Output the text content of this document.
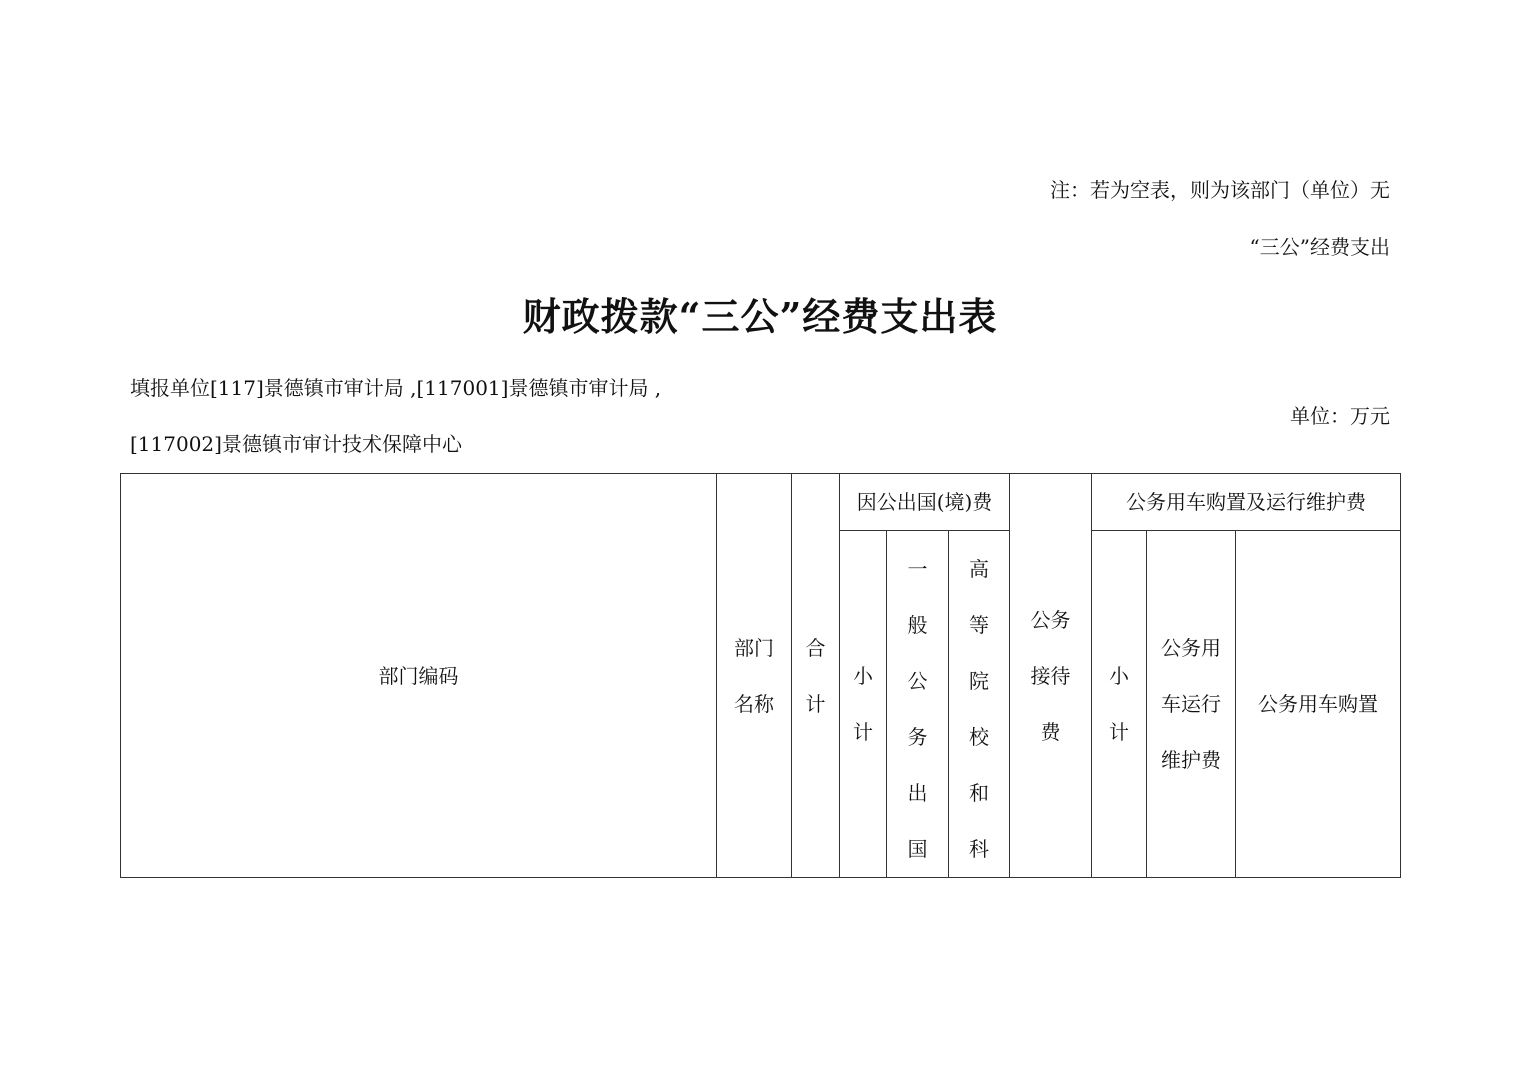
注：若为空表，则为该部门（单位）无
“三公”经费支出
财政拨款“三公”经费支出表
填报单位[117]景德镇市审计局 ,[117001]景德镇市审计局 ,
[117002]景德镇市审计技术保障中心
单位：万元
部门编码	部门名称	合计	因公出国(境)费			公务接待费	公务用车购置及运行维护费		
			小计	一般公务出国	高等院校和科		小计	公务用车运行维护费	公务用车购置
